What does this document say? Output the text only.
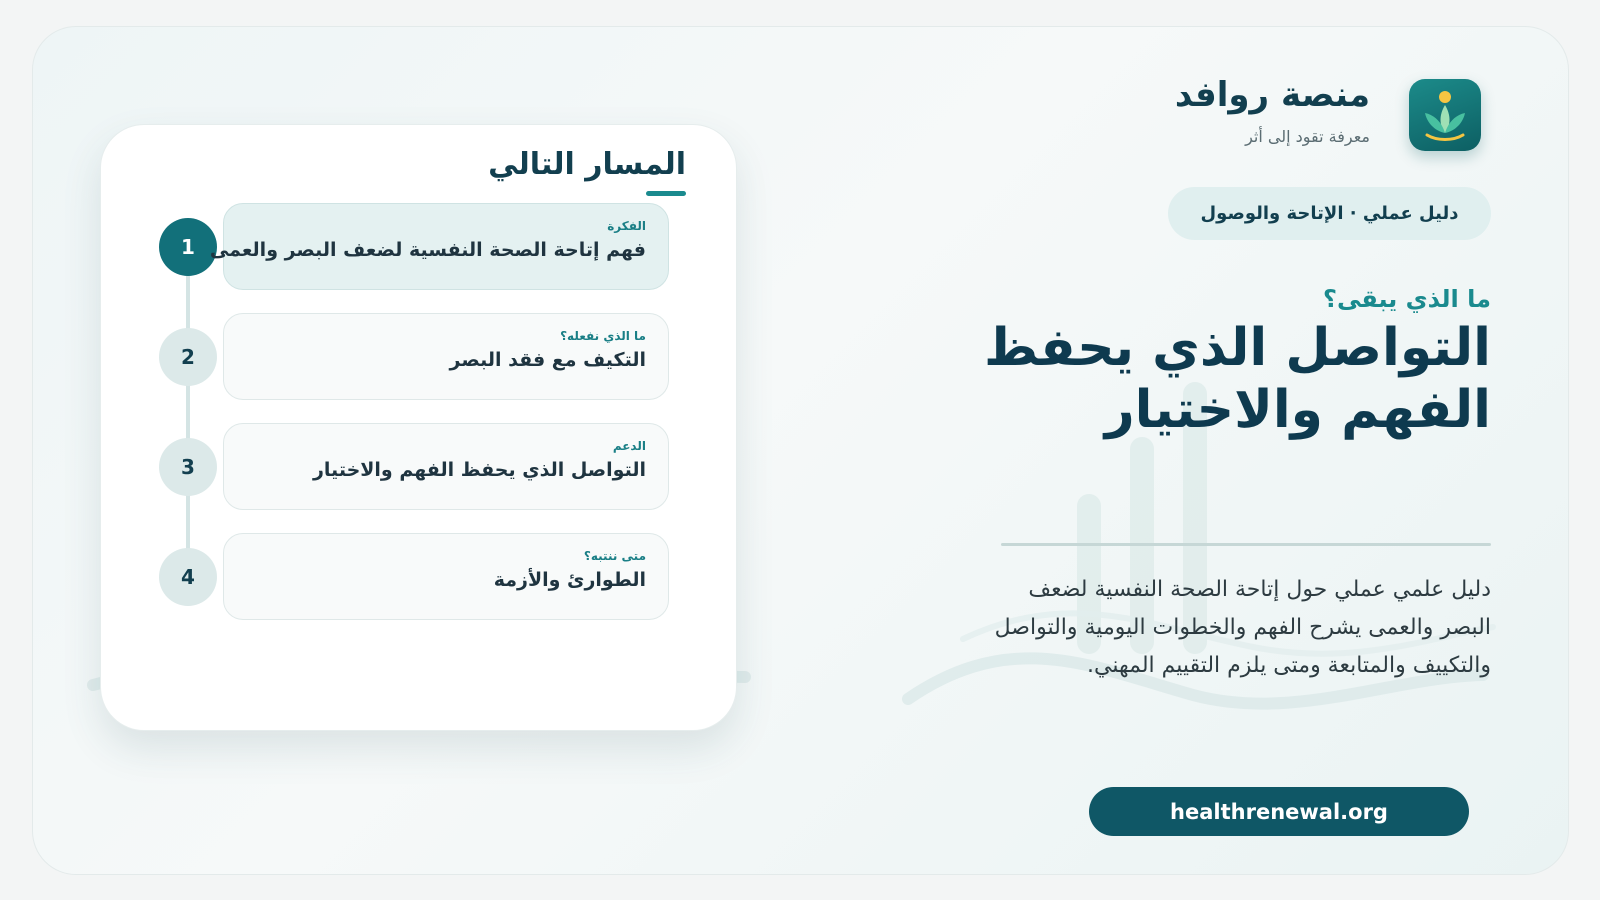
منصة روافد
معرفة تقود إلى أثر
دليل عملي · الإتاحة والوصول
ما الذي يبقى؟
التواصل الذي يحفظ
الفهم والاختيار
دليل علمي عملي حول إتاحة الصحة النفسية لضعف البصر والعمى يشرح الفهم والخطوات اليومية والتواصل والتكييف والمتابعة ومتى يلزم التقييم المهني.
healthrenewal.org
المسار التالي
1
الفكرة
فهم إتاحة الصحة النفسية لضعف البصر والعمى
2
ما الذي نفعله؟
التكيف مع فقد البصر
3
الدعم
التواصل الذي يحفظ الفهم والاختيار
4
متى ننتبه؟
الطوارئ والأزمة
